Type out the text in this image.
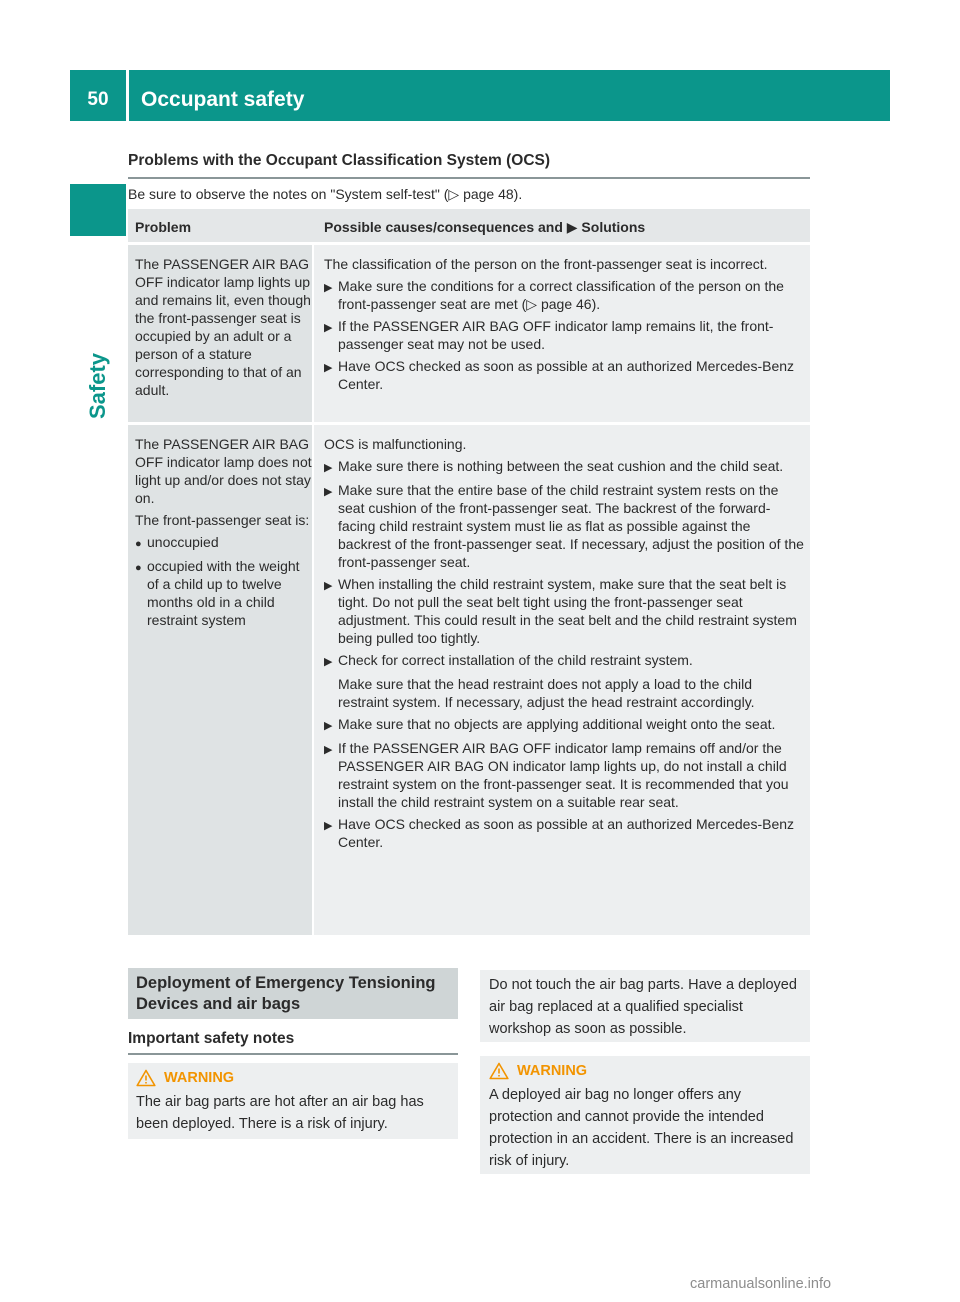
50	Occupant safety
Safety
Problems with the Occupant Classification System (OCS)
Be sure to observe the notes on "System self-test" (▷ page 48).
Problem	Possible causes/consequences and ▶ Solutions

The PASSENGER AIR BAG OFF indicator lamp lights up and remains lit, even though the front-passenger seat is occupied by an adult or a person of a stature corresponding to that of an adult.

The classification of the person on the front-passenger seat is incorrect.

▶ Make sure the conditions for a correct classification of the person on the front-passenger seat are met (▷ page 46).
▶ If the PASSENGER AIR BAG OFF indicator lamp remains lit, the front-passenger seat may not be used.
▶ Have OCS checked as soon as possible at an authorized Mercedes-Benz Center.

The PASSENGER AIR BAG OFF indicator lamp does not light up and/or does not stay on.

The front-passenger seat is:

● unoccupied
● occupied with the weight of a child up to twelve months old in a child restraint system

OCS is malfunctioning.

▶ Make sure there is nothing between the seat cushion and the child seat.
▶ Make sure that the entire base of the child restraint system rests on the seat cushion of the front-passenger seat. The backrest of the forward-facing child restraint system must lie as flat as possible against the backrest of the front-passenger seat. If necessary, adjust the position of the front-passenger seat.
▶ When installing the child restraint system, make sure that the seat belt is tight. Do not pull the seat belt tight using the front-passenger seat adjustment. This could result in the seat belt and the child restraint system being pulled too tightly.
▶ Check for correct installation of the child restraint system.
Make sure that the head restraint does not apply a load to the child restraint system. If necessary, adjust the head restraint accordingly.
▶ Make sure that no objects are applying additional weight onto the seat.
▶ If the PASSENGER AIR BAG OFF indicator lamp remains off and/or the PASSENGER AIR BAG ON indicator lamp lights up, do not install a child restraint system on the front-passenger seat. It is recommended that you install the child restraint system on a suitable rear seat.
▶ Have OCS checked as soon as possible at an authorized Mercedes-Benz Center.
Deployment of Emergency Tensioning
Devices and air bags
Important safety notes
WARNING
The air bag parts are hot after an air bag has been deployed. There is a risk of injury.
Do not touch the air bag parts. Have a deployed air bag replaced at a qualified specialist workshop as soon as possible.
WARNING
A deployed air bag no longer offers any protection and cannot provide the intended protection in an accident. There is an increased risk of injury.
carmanualsonline.info
